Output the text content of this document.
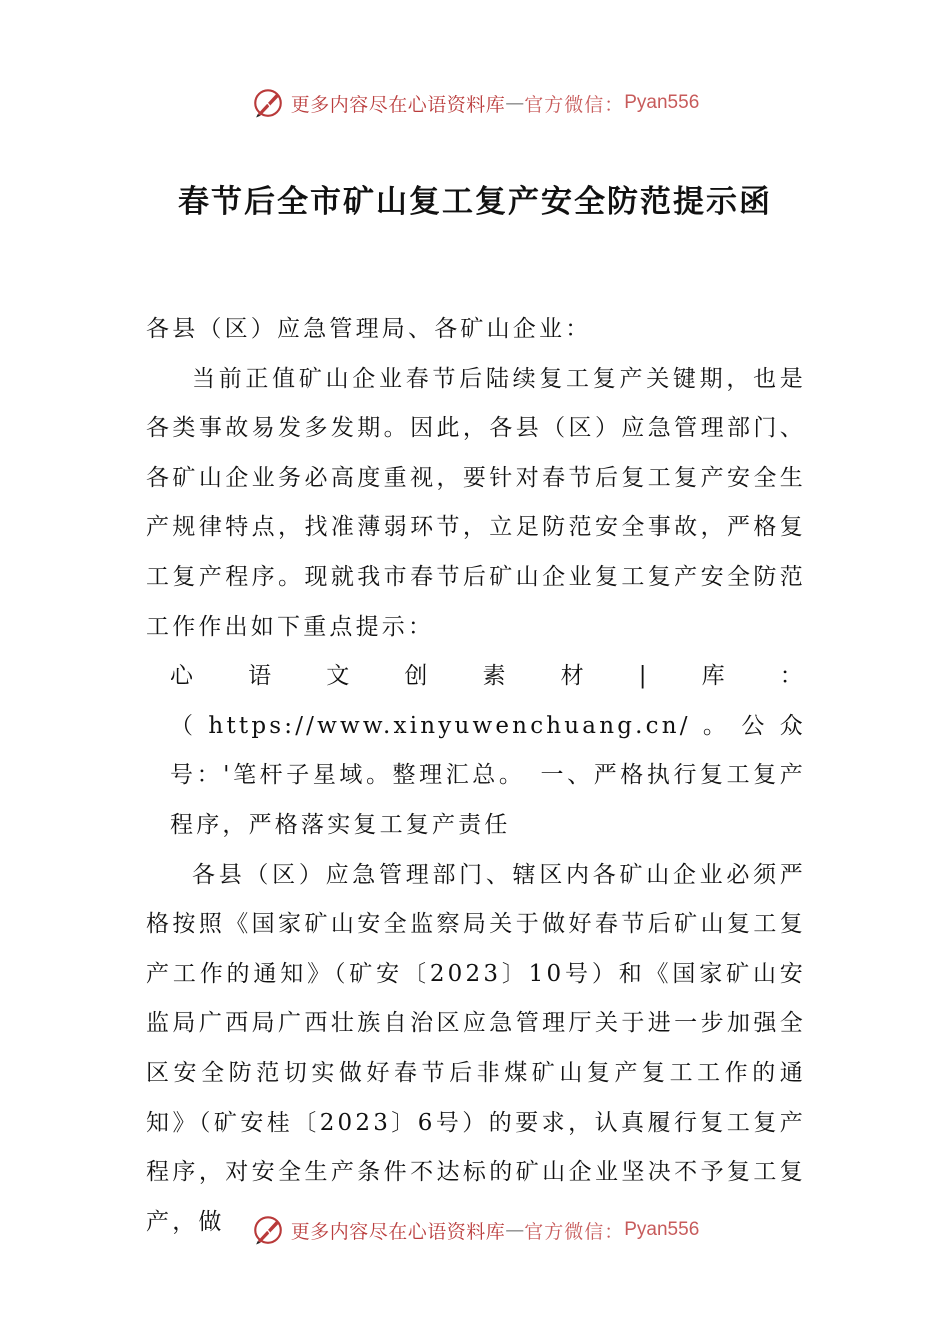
更多内容尽在心语资料库 — 官方微信： Pyan556
春节后全市矿山复工复产安全防范提示函

各县（区）应急管理局、各矿山企业：

当前正值矿山企业春节后陆续复工复产关键期，也是各类事故易发多发期。因此，各县（区）应急管理部门、各矿山企业务必高度重视，要针对春节后复工复产安全生产规律特点，找准薄弱环节，立足防范安全事故，严格复工复产程序。现就我市春节后矿山企业复工复产安全防范工作作出如下重点提示：

心语文创素材|库：（https://www.xinyuwenchuang.cn/。公众号：'笔杆子星域。整理汇总。　一、严格执行复工复产程序，严格落实复工复产责任

各县（区）应急管理部门、辖区内各矿山企业必须严格按照《国家矿山安全监察局关于做好春节后矿山复工复产工作的通知》（矿安〔2023〕10号）和《国家矿山安监局广西局广西壮族自治区应急管理厅关于进一步加强全区安全防范切实做好春节后非煤矿山复产复工工作的通知》（矿安桂〔2023〕6号）的要求，认真履行复工复产程序，对安全生产条件不达标的矿山企业坚决不予复工复产，做	更多内容尽在心语资料库 — 官方微信： Pyan556
